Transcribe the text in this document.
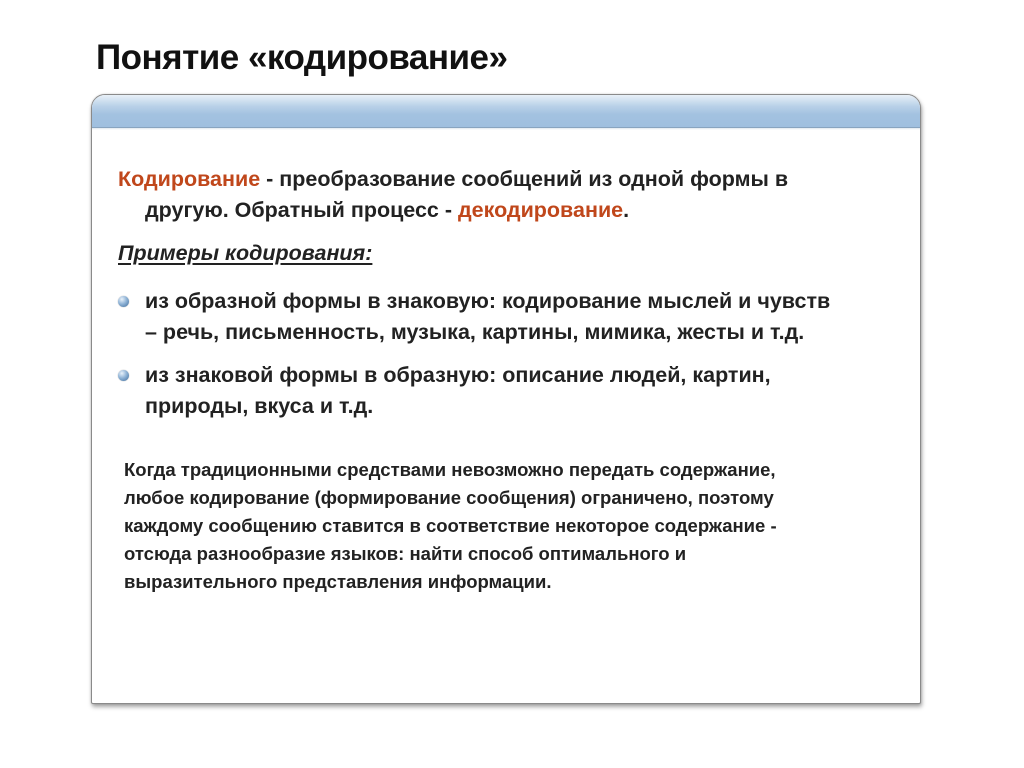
Понятие «кодирование»
Кодирование - преобразование сообщений из одной формы в
другую. Обратный процесс - декодирование.
Примеры кодирования:
из образной формы в знаковую: кодирование мыслей и чувств
– речь, письменность, музыка, картины, мимика, жесты и т.д.
из знаковой формы в образную: описание людей, картин,
природы, вкуса и т.д.
Когда традиционными средствами невозможно передать содержание,
любое кодирование (формирование сообщения) ограничено, поэтому
каждому сообщению ставится в соответствие некоторое содержание -
отсюда разнообразие языков: найти способ оптимального и
выразительного представления информации.
